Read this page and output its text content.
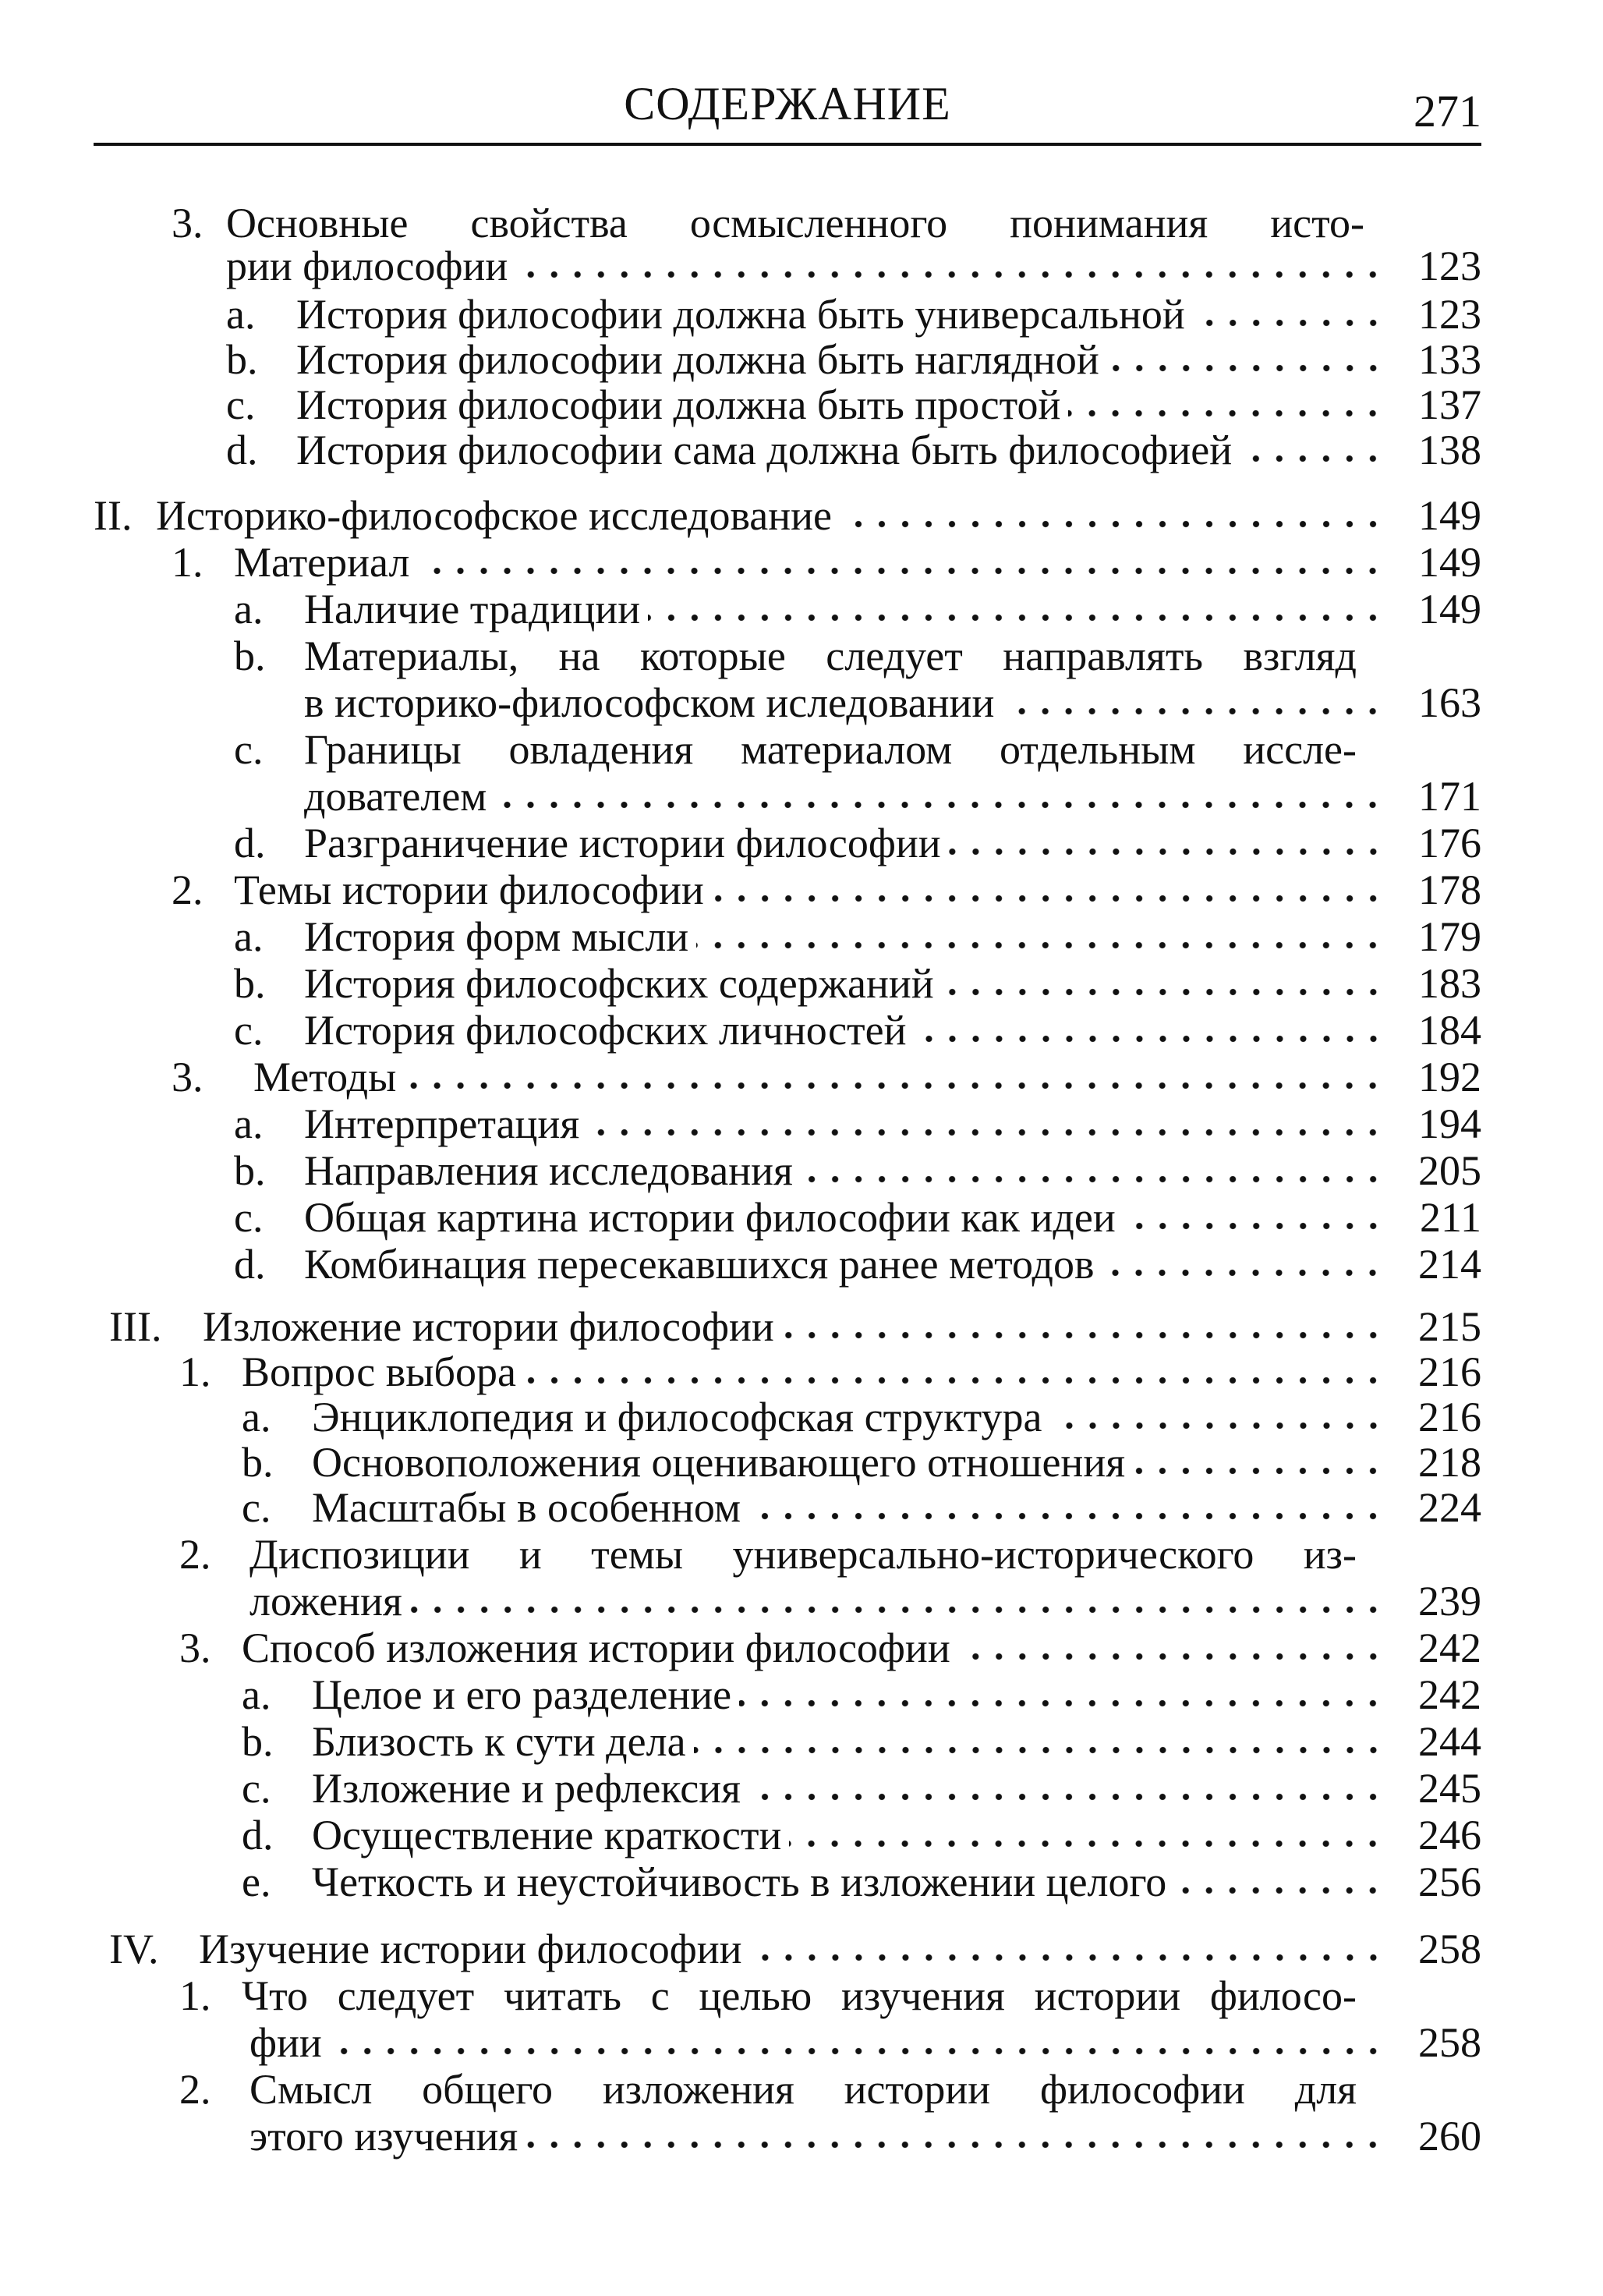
СОДЕРЖАНИЕ	271
3. Основные свойства осмысленного понимания исто-
рии философии	123
a. История философии должна быть универсальной	123
b. История философии должна быть наглядной	133
c. История философии должна быть простой	137
d. История философии сама должна быть философией	138
II. Историко-философское исследование	149
1. Материал	149
a. Наличие традиции	149
b. Материалы, на которые следует направлять взгляд
в историко-философском иследовании	163
c. Границы овладения материалом отдельным иссле-
дователем	171
d. Разграничение истории философии	176
2. Темы истории философии	178
a. История форм мысли	179
b. История философских содержаний	183
c. История философских личностей	184
3.	Методы	192
a. Интерпретация	194
b. Направления исследования	205
c. Общая картина истории философии как идеи	211
d. Комбинация пересекавшихся ранее методов	214
III. Изложение истории философии	215
1. Вопрос выбора	216
a. Энциклопедия и философская структура	216
b. Основоположения оценивающего отношения	218
c. Масштабы в особенном	224
2. Диспозиции и темы универсально-исторического из-
ложения	239
3. Способ изложения истории философии	242
a. Целое и его разделение	242
b. Близость к сути дела	244
c. Изложение и рефлексия	245
d. Осуществление краткости	246
e. Четкость и неустойчивость в изложении целого	256
IV. Изучение истории философии	258
1. Что следует читать с целью изучения истории филосо-
фии	258
2. Смысл общего изложения истории философии для
этого изучения	260
